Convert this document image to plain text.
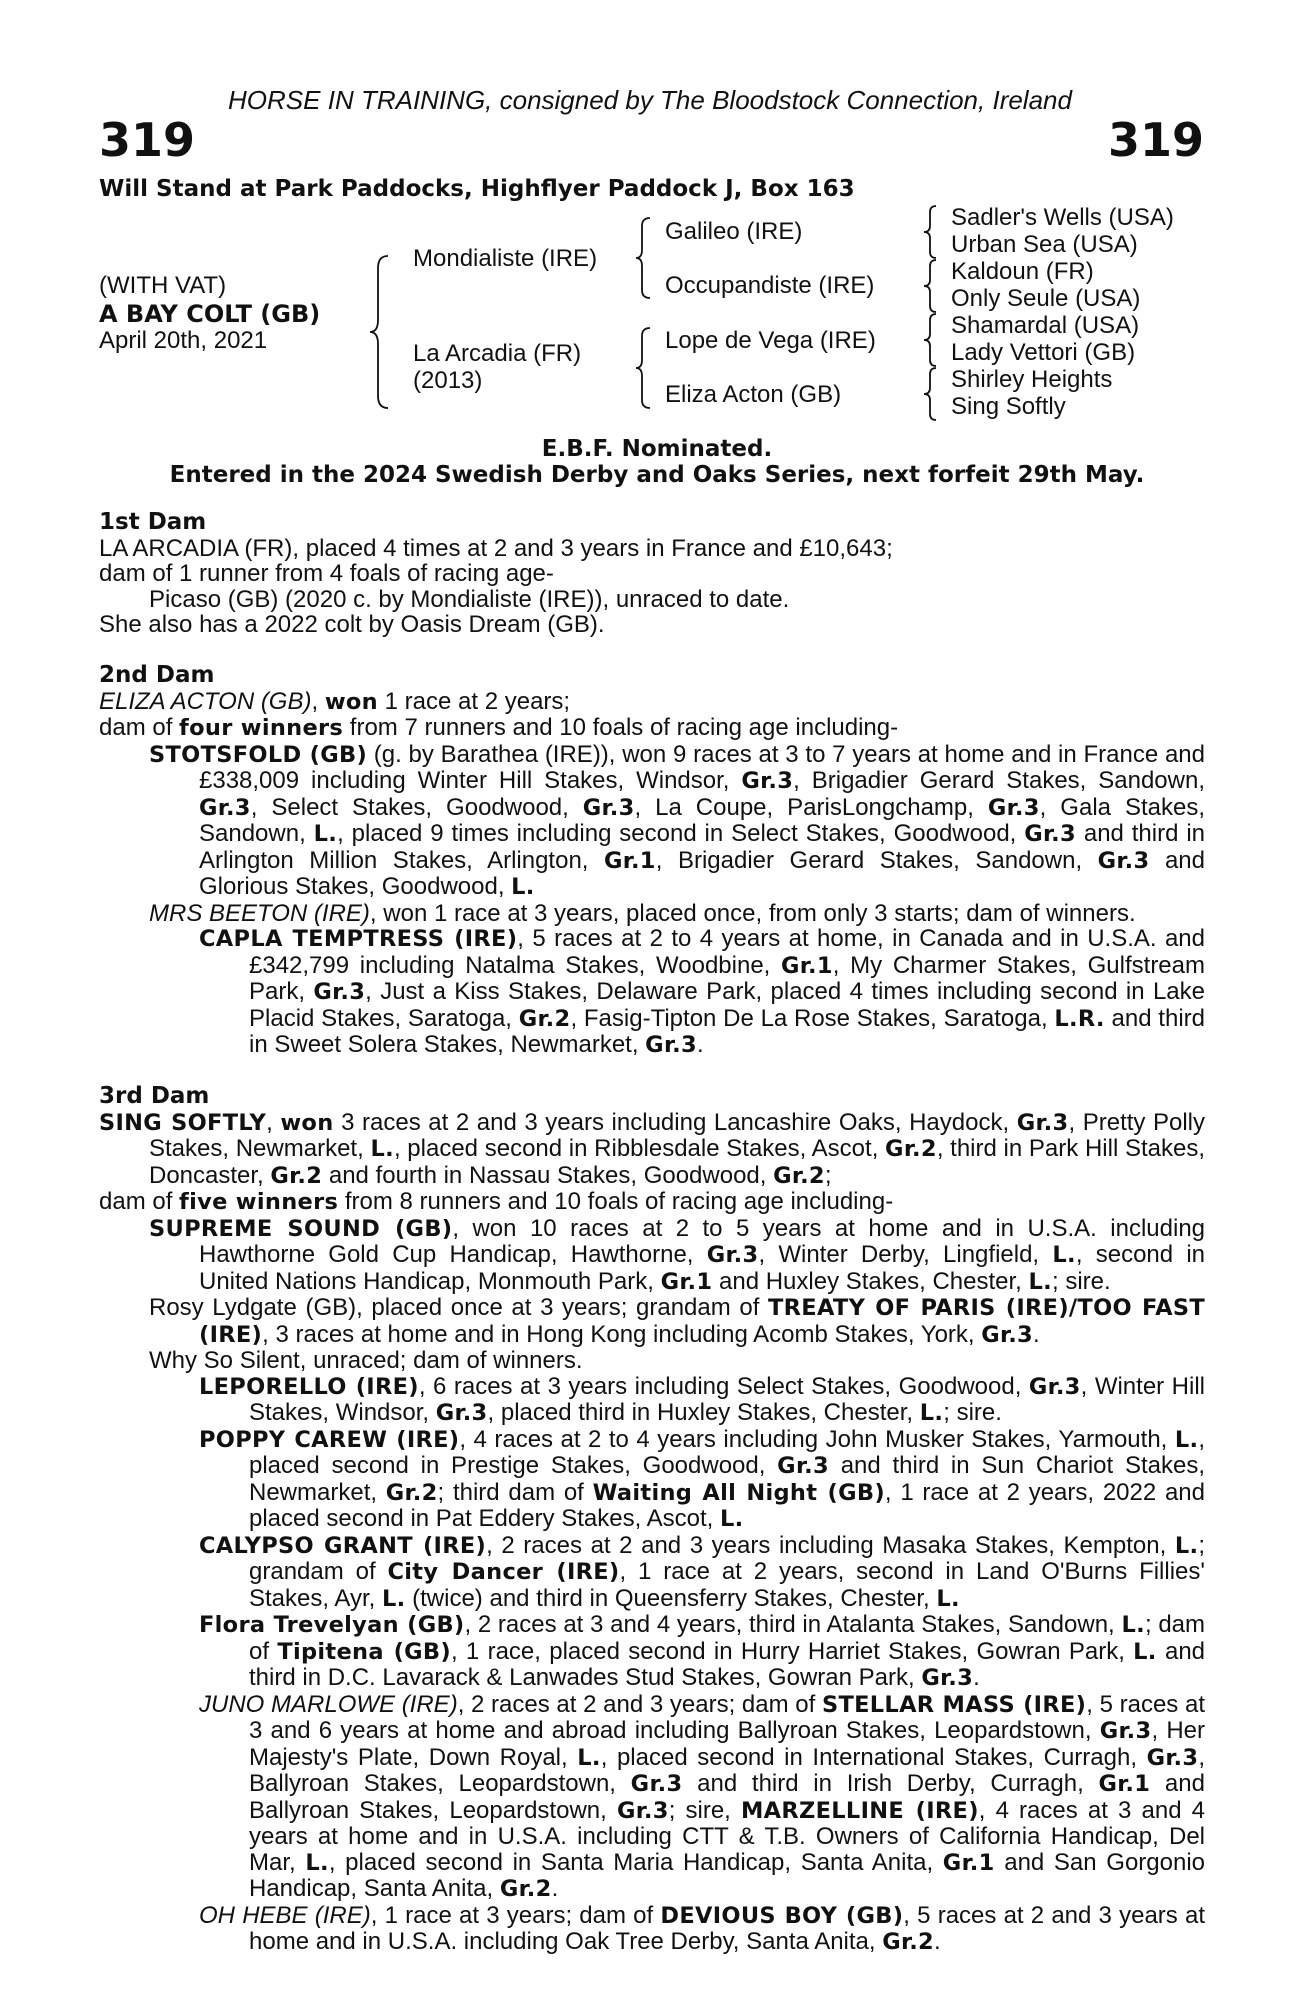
HORSE IN TRAINING, consigned by The Bloodstock Connection, Ireland
319	319
Will Stand at Park Paddocks, Highflyer Paddock J, Box 163
(WITH VAT)
A BAY COLT (GB)
April 20th, 2021
Mondialiste (IRE)
La Arcadia (FR)
(2013)
Galileo (IRE)
Occupandiste (IRE)
Lope de Vega (IRE)
Eliza Acton (GB)
Sadler's Wells (USA)
Urban Sea (USA)
Kaldoun (FR)
Only Seule (USA)
Shamardal (USA)
Lady Vettori (GB)
Shirley Heights
Sing Softly
E.B.F. Nominated.
Entered in the 2024 Swedish Derby and Oaks Series, next forfeit 29th May.

1st Dam

LA ARCADIA (FR), placed 4 times at 2 and 3 years in France and £10,643;

dam of 1 runner from 4 foals of racing age-

Picaso (GB) (2020 c. by Mondialiste (IRE)), unraced to date.

She also has a 2022 colt by Oasis Dream (GB).

2nd Dam

ELIZA ACTON (GB), won 1 race at 2 years;

dam of four winners from 7 runners and 10 foals of racing age including-

STOTSFOLD (GB) (g. by Barathea (IRE)), won 9 races at 3 to 7 years at home and in France and £338,009 including Winter Hill Stakes, Windsor, Gr.3, Brigadier Gerard Stakes, Sandown, Gr.3, Select Stakes, Goodwood, Gr.3, La Coupe, ParisLongchamp, Gr.3, Gala Stakes, Sandown, L., placed 9 times including second in Select Stakes, Goodwood, Gr.3 and third in Arlington Million Stakes, Arlington, Gr.1, Brigadier Gerard Stakes, Sandown, Gr.3 and Glorious Stakes, Goodwood, L.

MRS BEETON (IRE), won 1 race at 3 years, placed once, from only 3 starts; dam of winners.

CAPLA TEMPTRESS (IRE), 5 races at 2 to 4 years at home, in Canada and in U.S.A. and £342,799 including Natalma Stakes, Woodbine, Gr.1, My Charmer Stakes, Gulfstream Park, Gr.3, Just a Kiss Stakes, Delaware Park, placed 4 times including second in Lake Placid Stakes, Saratoga, Gr.2, Fasig-Tipton De La Rose Stakes, Saratoga, L.R. and third in Sweet Solera Stakes, Newmarket, Gr.3.

3rd Dam

SING SOFTLY, won 3 races at 2 and 3 years including Lancashire Oaks, Haydock, Gr.3, Pretty Polly Stakes, Newmarket, L., placed second in Ribblesdale Stakes, Ascot, Gr.2, third in Park Hill Stakes, Doncaster, Gr.2 and fourth in Nassau Stakes, Goodwood, Gr.2;

dam of five winners from 8 runners and 10 foals of racing age including-

SUPREME SOUND (GB), won 10 races at 2 to 5 years at home and in U.S.A. including Hawthorne Gold Cup Handicap, Hawthorne, Gr.3, Winter Derby, Lingfield, L., second in United Nations Handicap, Monmouth Park, Gr.1 and Huxley Stakes, Chester, L.; sire.

Rosy Lydgate (GB), placed once at 3 years; grandam of TREATY OF PARIS (IRE)/TOO FAST (IRE), 3 races at home and in Hong Kong including Acomb Stakes, York, Gr.3.

Why So Silent, unraced; dam of winners.

LEPORELLO (IRE), 6 races at 3 years including Select Stakes, Goodwood, Gr.3, Winter Hill Stakes, Windsor, Gr.3, placed third in Huxley Stakes, Chester, L.; sire.

POPPY CAREW (IRE), 4 races at 2 to 4 years including John Musker Stakes, Yarmouth, L., placed second in Prestige Stakes, Goodwood, Gr.3 and third in Sun Chariot Stakes, Newmarket, Gr.2; third dam of Waiting All Night (GB), 1 race at 2 years, 2022 and placed second in Pat Eddery Stakes, Ascot, L.

CALYPSO GRANT (IRE), 2 races at 2 and 3 years including Masaka Stakes, Kempton, L.; grandam of City Dancer (IRE), 1 race at 2 years, second in Land O'Burns Fillies' Stakes, Ayr, L. (twice) and third in Queensferry Stakes, Chester, L.

Flora Trevelyan (GB), 2 races at 3 and 4 years, third in Atalanta Stakes, Sandown, L.; dam of Tipitena (GB), 1 race, placed second in Hurry Harriet Stakes, Gowran Park, L. and third in D.C. Lavarack & Lanwades Stud Stakes, Gowran Park, Gr.3.

JUNO MARLOWE (IRE), 2 races at 2 and 3 years; dam of STELLAR MASS (IRE), 5 races at 3 and 6 years at home and abroad including Ballyroan Stakes, Leopardstown, Gr.3, Her Majesty's Plate, Down Royal, L., placed second in International Stakes, Curragh, Gr.3, Ballyroan Stakes, Leopardstown, Gr.3 and third in Irish Derby, Curragh, Gr.1 and Ballyroan Stakes, Leopardstown, Gr.3; sire, MARZELLINE (IRE), 4 races at 3 and 4 years at home and in U.S.A. including CTT & T.B. Owners of California Handicap, Del Mar, L., placed second in Santa Maria Handicap, Santa Anita, Gr.1 and San Gorgonio Handicap, Santa Anita, Gr.2.

OH HEBE (IRE), 1 race at 3 years; dam of DEVIOUS BOY (GB), 5 races at 2 and 3 years at home and in U.S.A. including Oak Tree Derby, Santa Anita, Gr.2.
